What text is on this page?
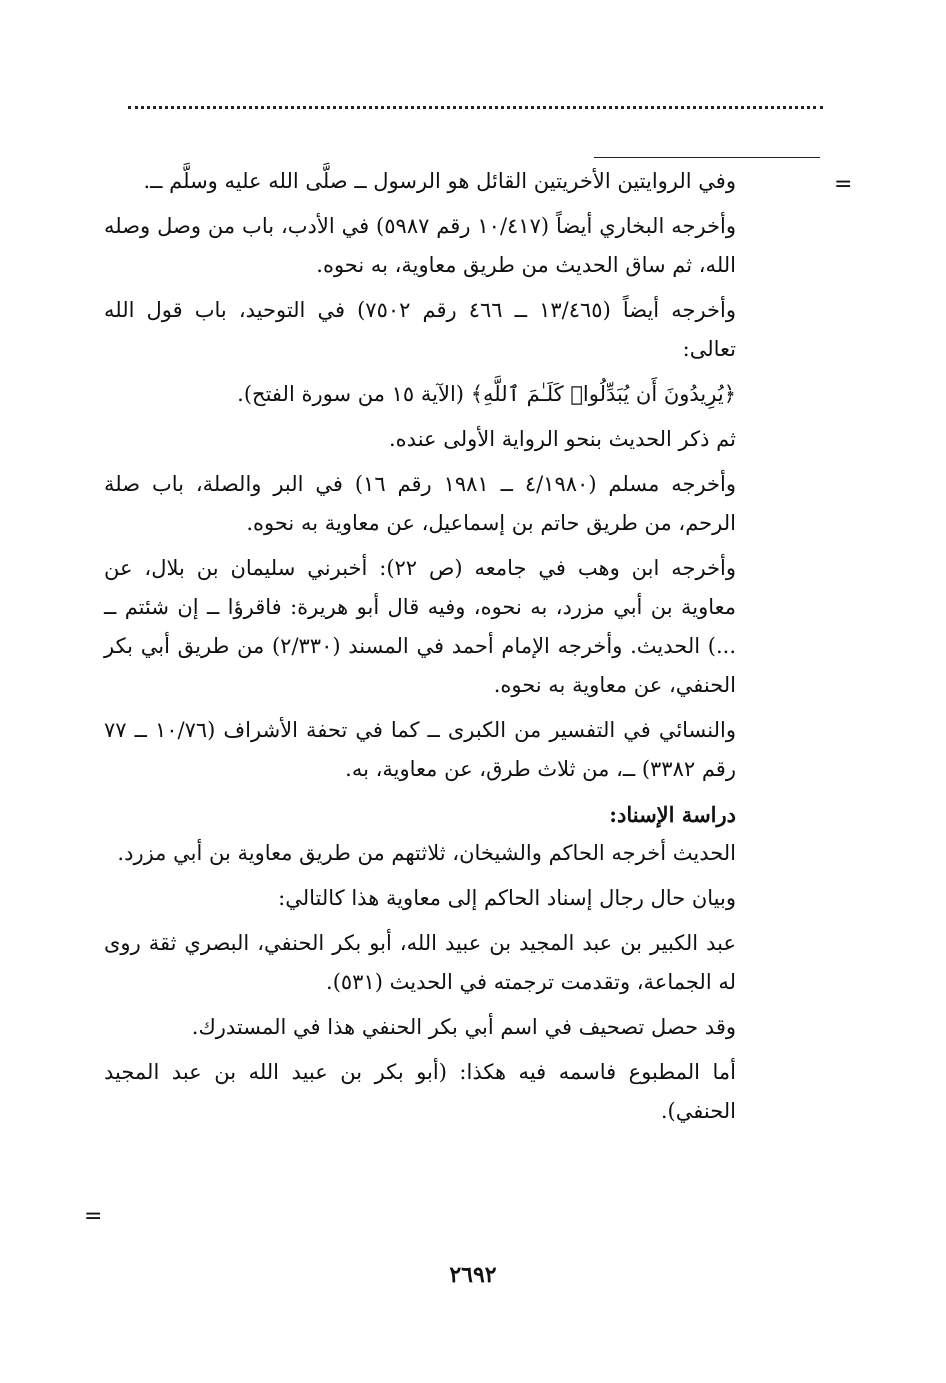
=

وفي الروايتين الأخريتين القائل هو الرسول ــ صلَّى الله عليه وسلَّم ــ.

وأخرجه البخاري أيضاً (١٠/٤١٧ رقم ٥٩٨٧) في الأدب، باب من وصل وصله الله، ثم ساق الحديث من طريق معاوية، به نحوه.

وأخرجه أيضاً (١٣/٤٦٥ ــ ٤٦٦ رقم ٧٥٠٢) في التوحيد، باب قول الله تعالى:

﴿يُرِيدُونَ أَن يُبَدِّلُوا۟ كَلَـٰمَ ٱللَّهِ﴾ (الآية ١٥ من سورة الفتح).

ثم ذكر الحديث بنحو الرواية الأولى عنده.

وأخرجه مسلم (٤/١٩٨٠ ــ ١٩٨١ رقم ١٦) في البر والصلة، باب صلة الرحم، من طريق حاتم بن إسماعيل، عن معاوية به نحوه.

وأخرجه ابن وهب في جامعه (ص ٢٢): أخبرني سليمان بن بلال، عن معاوية بن أبي مزرد، به نحوه، وفيه قال أبو هريرة: فاقرؤا ــ إن شئتم ــ ...) الحديث. وأخرجه الإمام أحمد في المسند (٢/٣٣٠) من طريق أبي بكر الحنفي، عن معاوية به نحوه.

والنسائي في التفسير من الكبرى ــ كما في تحفة الأشراف (١٠/٧٦ ــ ٧٧ رقم ٣٣٨٢) ــ، من ثلاث طرق، عن معاوية، به.

دراسة الإسناد:

الحديث أخرجه الحاكم والشيخان، ثلاثتهم من طريق معاوية بن أبي مزرد.

وبيان حال رجال إسناد الحاكم إلى معاوية هذا كالتالي:

عبد الكبير بن عبد المجيد بن عبيد الله، أبو بكر الحنفي، البصري ثقة روى له الجماعة، وتقدمت ترجمته في الحديث (٥٣١).

وقد حصل تصحيف في اسم أبي بكر الحنفي هذا في المستدرك.

أما المطبوع فاسمه فيه هكذا: (أبو بكر بن عبيد الله بن عبد المجيد الحنفي).

=
٢٦٩٢
